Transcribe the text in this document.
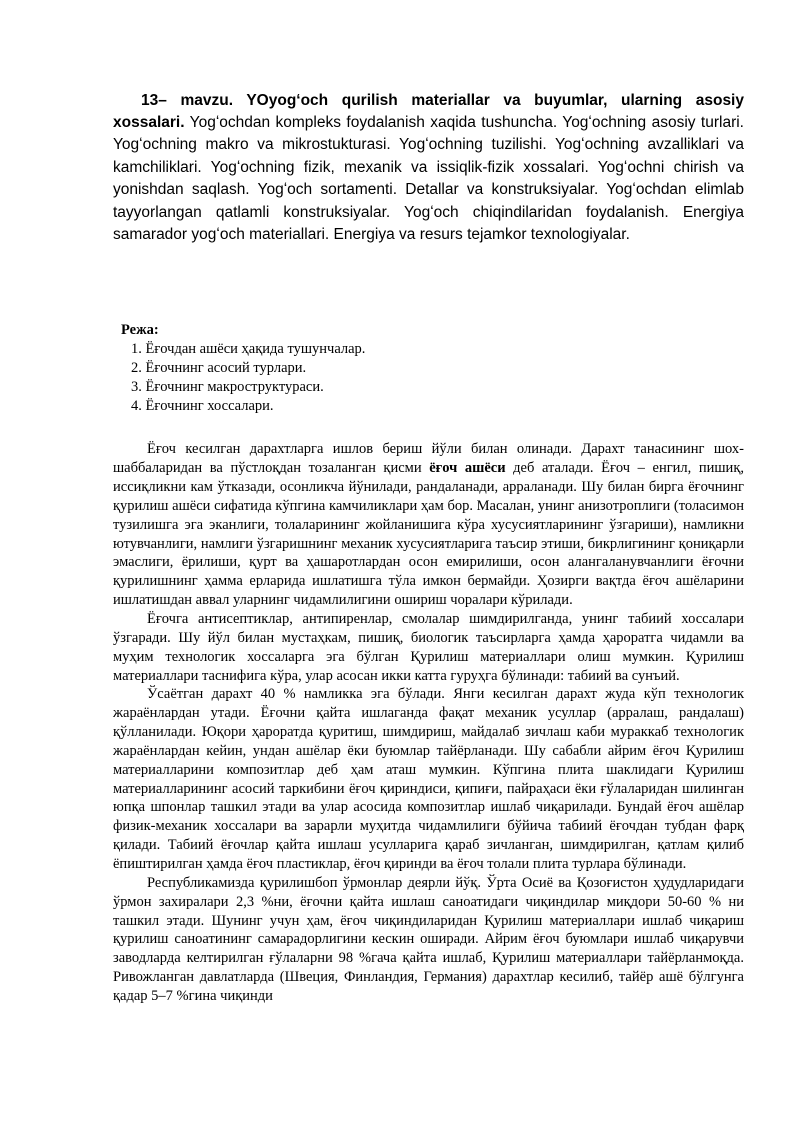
13– mavzu. YOyogʻoch qurilish materiallar va buyumlar, ularning asosiy xossalari. Yogʻochdan kompleks foydalanish xaqida tushuncha. Yogʻochning asosiy turlari. Yogʻochning makro va mikrostukturasi. Yogʻochning tuzilishi. Yogʻochning avzalliklari va kamchiliklari. Yogʻochning fizik, mexanik va issiqlik-fizik xossalari. Yogʻochni chirish va yonishdan saqlash. Yogʻoch sortamenti. Detallar va konstruksiyalar. Yogʻochdan elimlab tayyorlangan qatlamli konstruksiyalar. Yogʻoch chiqindilaridan foydalanish. Energiya samarador yogʻoch materiallari. Energiya va resurs tejamkor texnologiyalar.

Режа:
1. Ёғочдан ашёси ҳақида тушунчалар.
2. Ёғочнинг асосий турлари.
3. Ёғочнинг макроструктураси.
4. Ёғочнинг хоссалари.

Ёғоч кесилган дарахтларга ишлов бериш йўли билан олинади. Дарахт танасининг шох-шаббаларидан ва пўстлоқдан тозаланган қисми ёғоч ашёси деб аталади. Ёғоч – енгил, пишиқ, иссиқликни кам ўтказади, осонликча йўнилади, рандаланади, арраланади. Шу билан бирга ёғочнинг қурилиш ашёси сифатида кўпгина камчиликлари ҳам бор. Масалан, унинг анизотроплиги (толасимон тузилишга эга эканлиги, толаларининг жойланишига кўра хусусиятларининг ўзгариши), намликни ютувчанлиги, намлиги ўзгаришнинг механик хусусиятларига таъсир этиши, бикрлигининг қониқарли эмаслиги, ёрилиши, қурт ва ҳашаротлардан осон емирилиши, осон алангаланувчанлиги ёғочни қурилишнинг ҳамма ерларида ишлатишга тўла имкон бермайди. Ҳозирги вақтда ёғоч ашёларини ишлатишдан аввал уларнинг чидамлилигини ошириш чоралари кўрилади.

Ёғочга антисептиклар, антипиренлар, смолалар шимдирилганда, унинг табиий хоссалари ўзгаради. Шу йўл билан мустаҳкам, пишиқ, биологик таъсирларга ҳамда ҳароратга чидамли ва муҳим технологик хоссаларга эга бўлган Қурилиш материаллари олиш мумкин. Қурилиш материаллари таснифига кўра, улар асосан икки катта гуруҳга бўлинади: табиий ва сунъий.

Ўсаётган дарахт 40 % намликка эга бўлади. Янги кесилган дарахт жуда кўп технологик жараёнлардан утади. Ёғочни қайта ишлаганда фақат механик усуллар (арралаш, рандалаш) қўлланилади. Юқори ҳароратда қуритиш, шимдириш, майдалаб зичлаш каби мураккаб технологик жараёнлардан кейин, ундан ашёлар ёки буюмлар тайёрланади. Шу сабабли айрим ёғоч Қурилиш материалларини композитлар деб ҳам аташ мумкин. Кўпгина плита шаклидаги Қурилиш материалларининг асосий таркибини ёғоч қириндиси, қипиғи, пайраҳаси ёки ғўлаларидан шилинган юпқа шпонлар ташкил этади ва улар асосида композитлар ишлаб чиқарилади. Бундай ёғоч ашёлар физик-механик хоссалари ва зарарли муҳитда чидамлилиги бўйича табиий ёғочдан тубдан фарқ қилади. Табиий ёғочлар қайта ишлаш усулларига қараб зичланган, шимдирилган, қатлам қилиб ёпиштирилган ҳамда ёғоч пластиклар, ёғоч қиринди ва ёғоч толали плита турлара бўлинади.

Республикамизда қурилишбоп ўрмонлар деярли йўқ. Ўрта Осиё ва Қозоғистон ҳудудларидаги ўрмон захиралари 2,3 %ни, ёғочни қайта ишлаш саноатидаги чиқиндилар миқдори 50-60 % ни ташкил этади. Шунинг учун ҳам, ёғоч чиқиндиларидан Қурилиш материаллари ишлаб чиқариш қурилиш саноатининг самарадорлигини кескин оширади. Айрим ёғоч буюмлари ишлаб чиқарувчи заводларда келтирилган ғўлаларни 98 %гача қайта ишлаб, Қурилиш материаллари тайёрланмоқда. Ривожланган давлатларда (Швеция, Финландия, Германия) дарахтлар кесилиб, тайёр ашё бўлгунга қадар 5–7 %гина чиқинди
